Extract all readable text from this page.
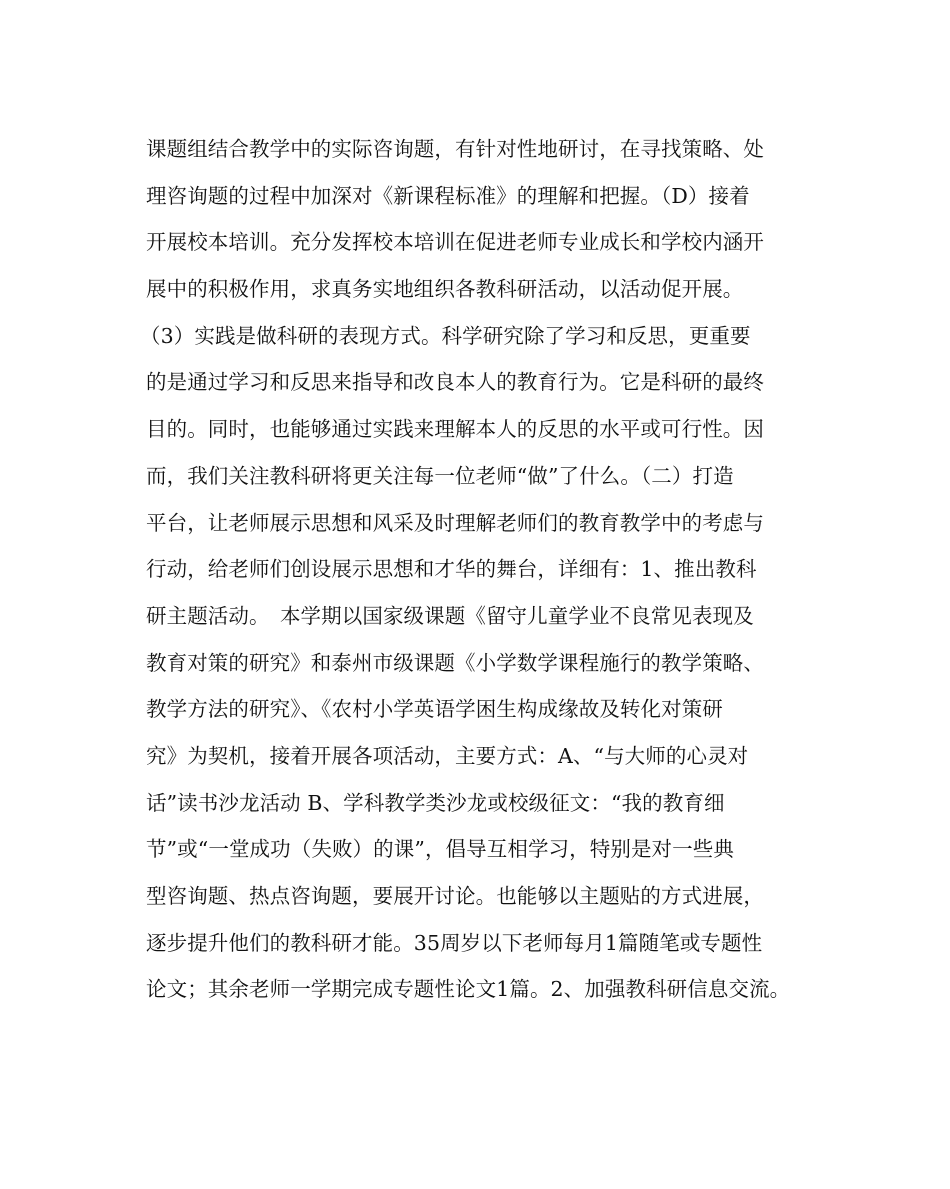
课题组结合教学中的实际咨询题，有针对性地研讨，在寻找策略、处
理咨询题的过程中加深对《新课程标准》的理解和把握。（D）接着
开展校本培训。充分发挥校本培训在促进老师专业成长和学校内涵开
展中的积极作用，求真务实地组织各教科研活动，以活动促开展。
（3）实践是做科研的表现方式。科学研究除了学习和反思，更重要
的是通过学习和反思来指导和改良本人的教育行为。它是科研的最终
目的。同时，也能够通过实践来理解本人的反思的水平或可行性。因
而，我们关注教科研将更关注每一位老师“做”了什么。（二）打造
平台，让老师展示思想和风采及时理解老师们的教育教学中的考虑与
行动，给老师们创设展示思想和才华的舞台，详细有：1、推出教科
研主题活动。　本学期以国家级课题《留守儿童学业不良常见表现及
教育对策的研究》和泰州市级课题《小学数学课程施行的教学策略、
教学方法的研究》、《农村小学英语学困生构成缘故及转化对策研
究》为契机，接着开展各项活动，主要方式：A、“与大师的心灵对
话”读书沙龙活动 B、学科教学类沙龙或校级征文：“我的教育细
节”或“一堂成功（失败）的课”，倡导互相学习，特别是对一些典
型咨询题、热点咨询题，要展开讨论。也能够以主题贴的方式进展，
逐步提升他们的教科研才能。35周岁以下老师每月1篇随笔或专题性
论文；其余老师一学期完成专题性论文1篇。2、加强教科研信息交流。
